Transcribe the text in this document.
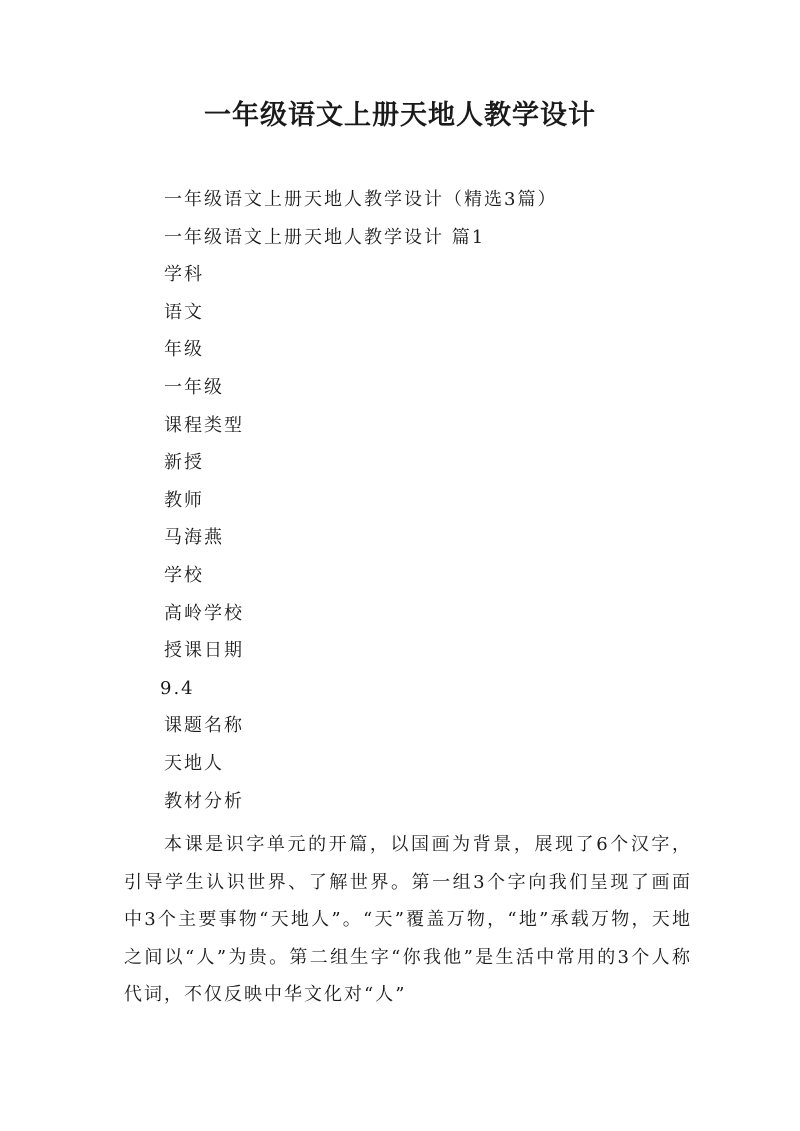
一年级语文上册天地人教学设计
一年级语文上册天地人教学设计（精选3篇）
一年级语文上册天地人教学设计 篇1
学科
语文
年级
一年级
课程类型
新授
教师
马海燕
学校
高岭学校
授课日期
9.4
课题名称
天地人
教材分析

本课是识字单元的开篇，以国画为背景，展现了6个汉字，引导学生认识世界、了解世界。第一组3个字向我们呈现了画面中3个主要事物“天地人”。“天”覆盖万物，“地”承载万物，天地之间以“人”为贵。第二组生字“你我他”是生活中常用的3个人称代词，不仅反映中华文化对“人”
